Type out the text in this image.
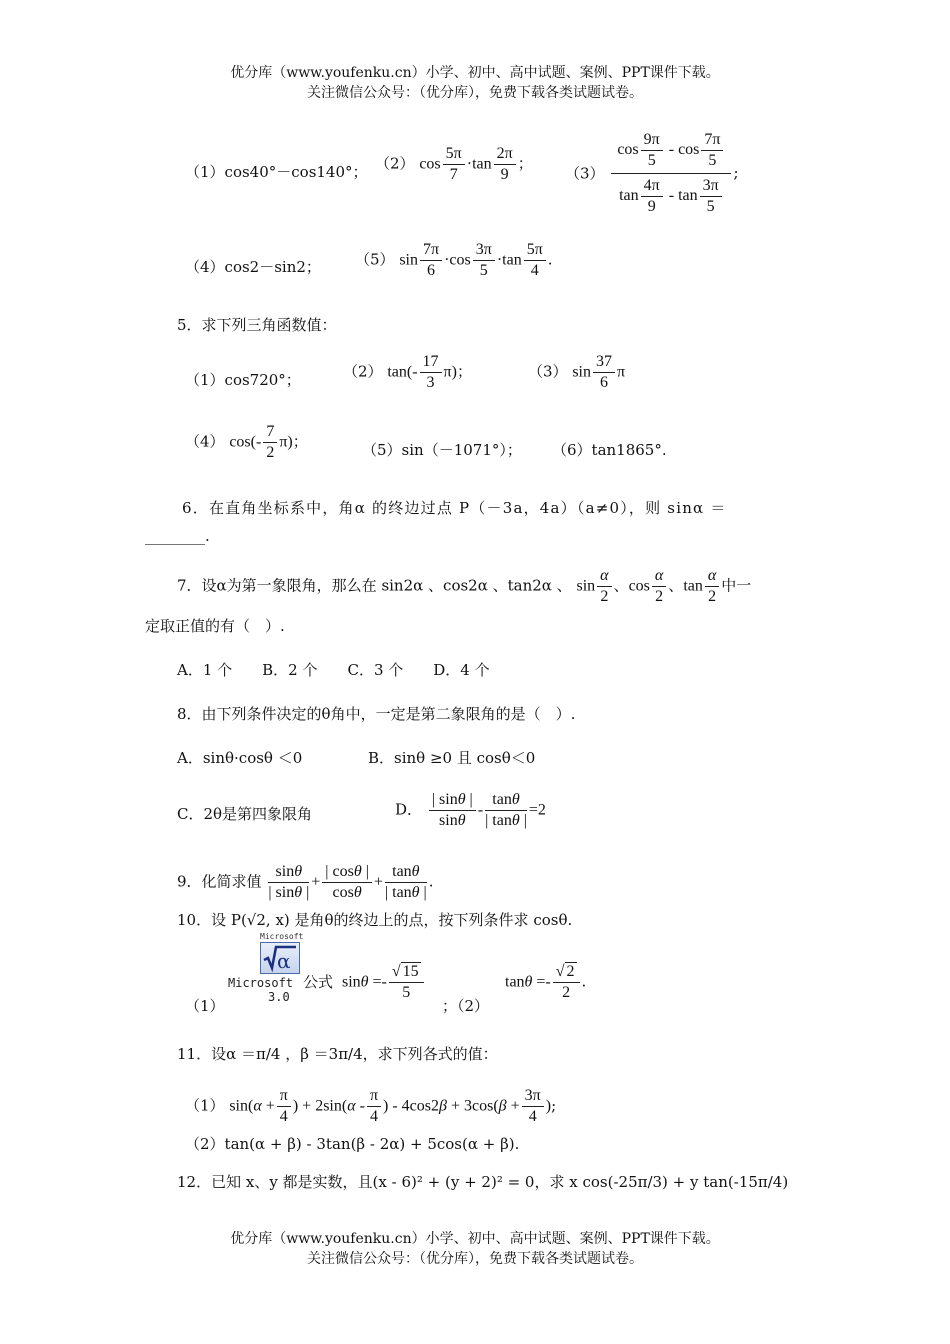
优分库（www.youfenku.cn）小学、初中、高中试题、案例、PPT课件下载。
关注微信公众号：（优分库），免费下载各类试题试卷。
（1）cos40°－cos140°； （2） $\cos \frac{5\pi}{7} \cdot\tan \frac{2\pi}{9}$ ；
$(3) \frac{\cos \frac{9\pi}{5} - \cos \frac{7\pi}{5}}{\tan \frac{4\pi}{9} - \tan \frac{3\pi}{5}}$ ;
（4）cos2－sin2； （5） $\sin \frac{7\pi}{6} \cdot\cos \frac{3\pi}{5} \cdot\tan \frac{5\pi}{4}$ .
5．求下列三角函数值：
（1）cos720°；	（2） $\tan(- \frac{17}{3} \pi)$；	（3） $\sin \frac{37}{6}$ π
（4） $\cos(- \frac{7}{2} \pi)$；	（5）sin（－1071°）； （6）tan1865°.
6．在直角坐标系中，角α 的终边过点 P（－3a，4a）（a≠0），则 sinα ＝
________.
7．设α为第一象限角，那么在 sin2α 、cos2α 、tan2α 、 $\sin \frac{\alpha}{2}$ 、$\cos \frac{\alpha}{2}$ 、$\tan \frac{\alpha}{2}$ 中一
定取正值的有（　）.
A．1 个　　B．2 个　　C．3 个　　D．4 个
8．由下列条件决定的θ角中，一定是第二象限角的是（　）.
A．sinθ·cosθ ＜0	B．sinθ ≥0 且 cosθ＜0
C．2θ是第四象限角	D． $\frac{| \sin\theta |}{\sin\theta} - \frac{\tan\theta}{| \tan\theta |} =2$
9．化简求值 $\frac{\sin\theta}{| \sin\theta |} + \frac{| \cos\theta |}{\cos\theta} + \frac{\tan\theta}{| \tan\theta |}$ .
10．设 P(√2, x) 是角θ的终边上的点，按下列条件求 cosθ.
Microsoft
α
Microsoft
3.0
公式
（1）
$\sin\theta =- \frac{√ 15}{5}$
；（2）
$\tan\theta =- \frac{√ 2}{2}$ .
11．设α ＝π/4 ，β ＝3π/4，求下列各式的值：
（1） $\sin(\alpha + \frac{\pi}{4}$ ) + $2\sin(\alpha - \frac{\pi}{4}$ ) - $4\cos 2\beta + 3\cos(\beta + \frac{3\pi}{4}$ );
（2）tan(α + β) - 3tan(β - 2α) + 5cos(α + β).
12．已知 x、y 都是实数，且(x - 6)² + (y + 2)² = 0，求 x cos(-25π/3) + y tan(-15π/4)
优分库（www.youfenku.cn）小学、初中、高中试题、案例、PPT课件下载。
关注微信公众号：（优分库），免费下载各类试题试卷。
